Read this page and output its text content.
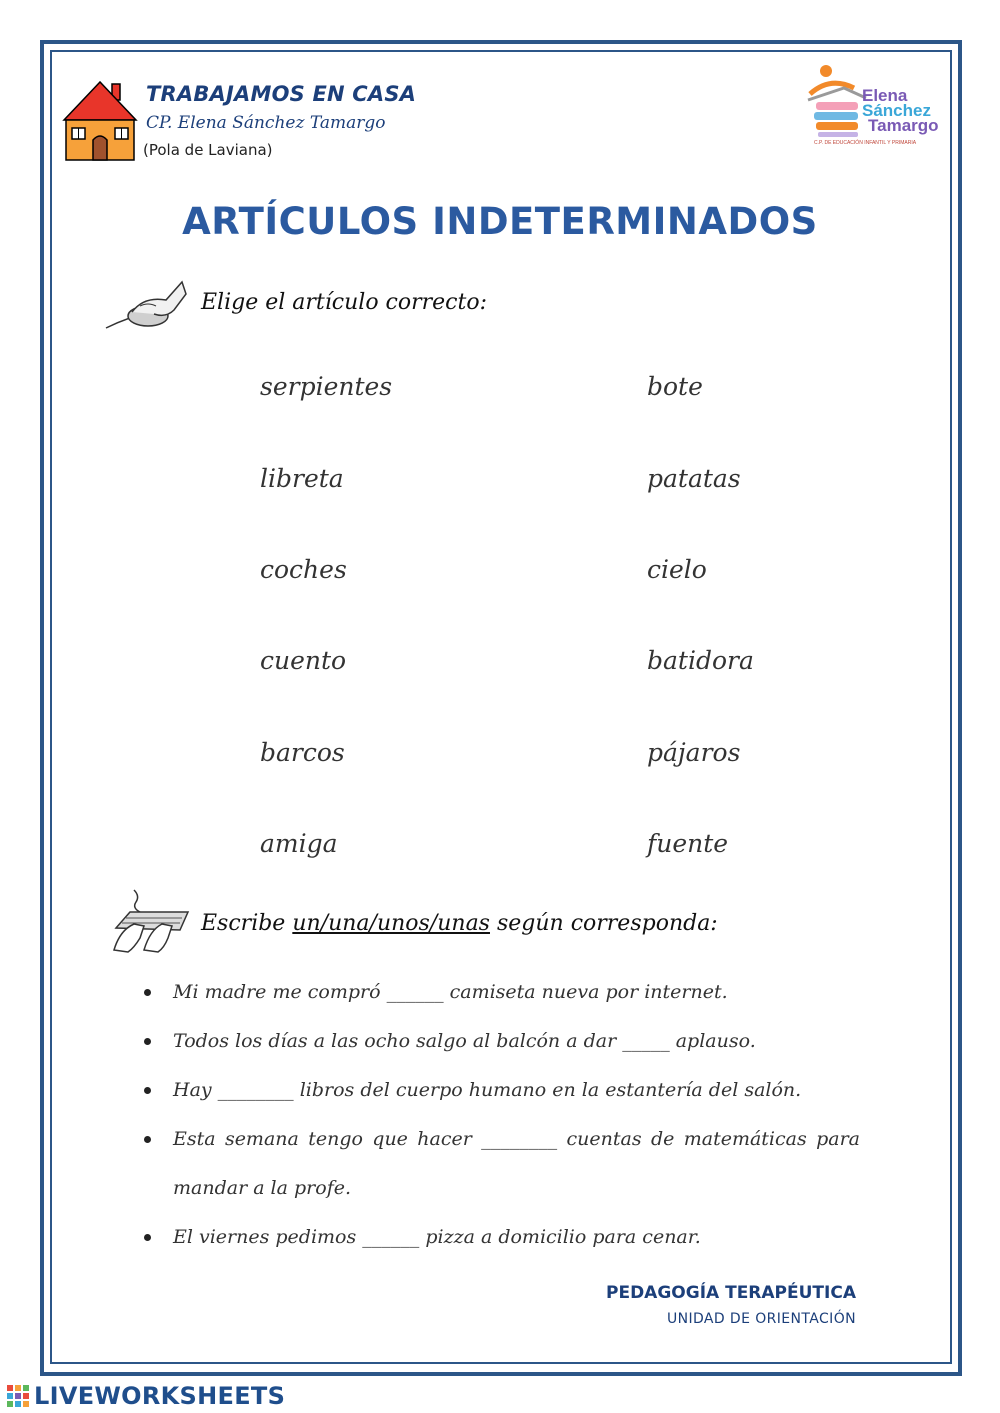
TRABAJAMOS EN CASA
CP. Elena Sánchez Tamargo
(Pola de Laviana)
Elena
Sánchez
Tamargo
C.P. DE EDUCACIÓN INFANTIL Y PRIMARIA
ARTÍCULOS INDETERMINADOS
Elige el artículo correcto:
serpientes
libreta
coches
cuento
barcos
amiga
bote
patatas
cielo
batidora
pájaros
fuente
Escribe un/una/unos/unas según corresponda:
Mi madre me compró ______ camiseta nueva por internet.
Todos los días a las ocho salgo al balcón a dar _____ aplauso.
Hay ________ libros del cuerpo humano en la estantería del salón.
Esta semana tengo que hacer ________ cuentas de matemáticas para mandar a la profe.
El viernes pedimos ______ pizza a domicilio para cenar.
PEDAGOGÍA TERAPÉUTICA
UNIDAD DE ORIENTACIÓN
LIVEWORKSHEETS
